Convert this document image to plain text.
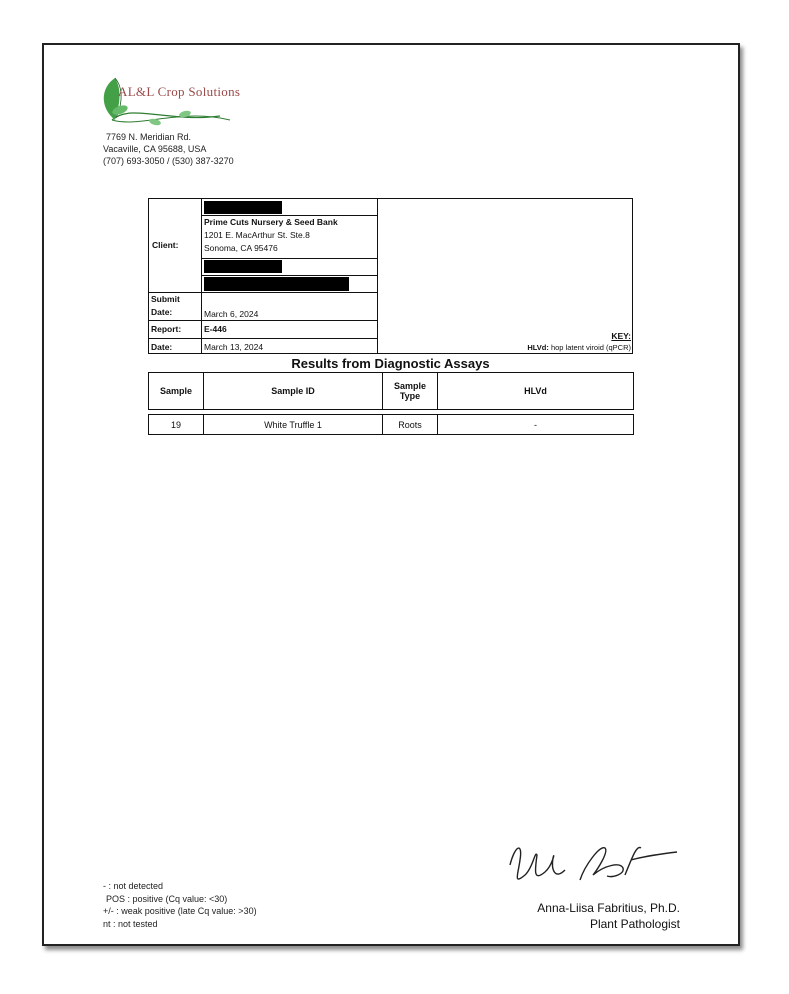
AL&L Crop Solutions
7769 N. Meridian Rd.
Vacaville, CA 95688, USA
(707) 693-3050 / (530) 387-3270
Client:
Prime Cuts Nursery & Seed Bank
1201 E. MacArthur St. Ste.8
Sonoma, CA 95476
Submit
Date:	March 6, 2024
Report:	E-446
Date:	March 13, 2024
KEY:
HLVd: hop latent viroid (qPCR)
Results from Diagnostic Assays
Sample	Sample ID	Sample Type	HLVd

19	White Truffle 1	Roots	-
- : not detected
POS : positive (Cq value: <30)
+/- : weak positive (late Cq value: >30)
nt : not tested
Anna-Liisa Fabritius, Ph.D.
Plant Pathologist
